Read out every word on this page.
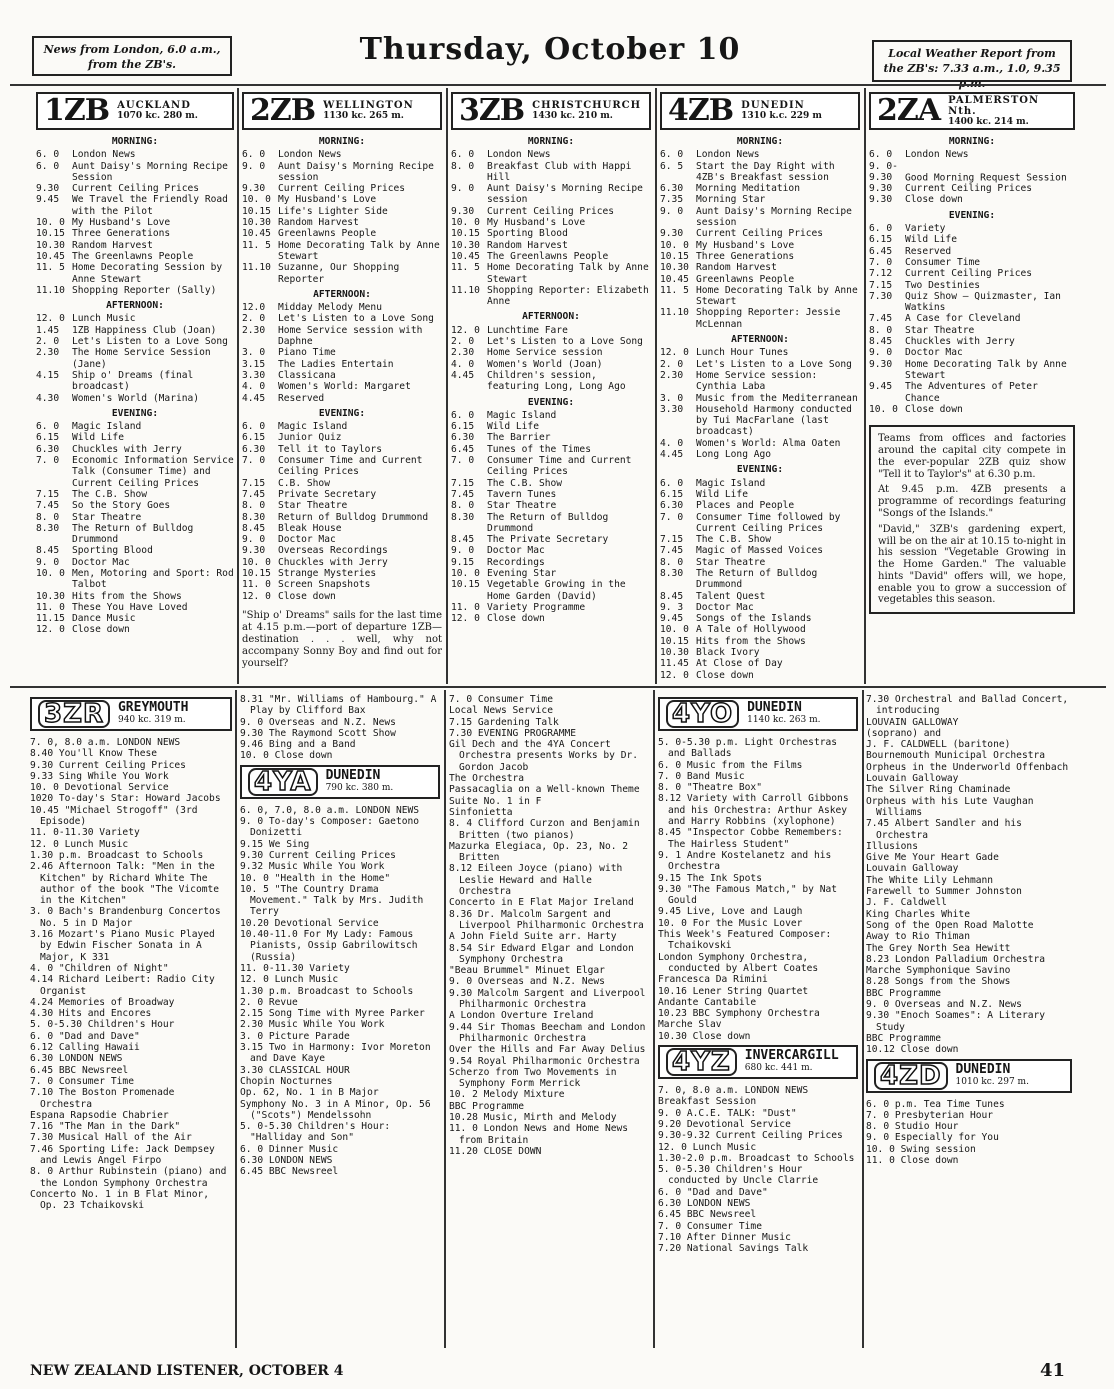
News from London, 6.0 a.m., from the ZB's.	Thursday, October 10	Local Weather Report from the ZB's: 7.33 a.m., 1.0, 9.35
1ZB AUCKLAND
1070 kc. 280 m.
MORNING:
6. 0 London News
6. 0 Aunt Daisy's Morning Recipe Session
9.30 Current Ceiling Prices
9.45 We Travel the Friendly Road with the Pilot
10. 0 My Husband's Love
10.15 Three Generations
10.30 Random Harvest
10.45 The Greenlawns People
11. 5 Home Decorating Session by Anne Stewart
11.10 Shopping Reporter (Sally)
AFTERNOON:
12. 0 Lunch Music
1.45 1ZB Happiness Club (Joan)
2. 0 Let's Listen to a Love Song
2.30 The Home Service Session (Jane)
4.15 Ship o' Dreams (final broadcast)
4.30 Women's World (Marina)
EVENING:
6. 0 Magic Island
6.15 Wild Life
6.30 Chuckles with Jerry
7. 0 Economic Information Service Talk (Consumer Time) and Current Ceiling Prices
7.15 The C.B. Show
7.45 So the Story Goes
8. 0 Star Theatre
8.30 The Return of Bulldog Drummond
8.45 Sporting Blood
9. 0 Doctor Mac
10. 0 Men, Motoring and Sport: Rod Talbot
10.30 Hits from the Shows
11. 0 These You Have Loved
11.15 Dance Music
12. 0 Close down
2ZB WELLINGTON
1130 kc. 265 m.
MORNING:
6. 0 London News
9. 0 Aunt Daisy's Morning Recipe session
9.30 Current Ceiling Prices
10. 0 My Husband's Love
10.15 Life's Lighter Side
10.30 Random Harvest
10.45 Greenlawns People
11. 5 Home Decorating Talk by Anne Stewart
11.10 Suzanne, Our Shopping Reporter
AFTERNOON:
12.0 Midday Melody Menu
2. 0 Let's Listen to a Love Song
2.30 Home Service session with Daphne
3. 0 Piano Time
3.15 The Ladies Entertain
3.30 Classicana
4. 0 Women's World: Margaret
4.45 Reserved
EVENING:
6. 0 Magic Island
6.15 Junior Quiz
6.30 Tell it to Taylors
7. 0 Consumer Time and Current Ceiling Prices
7.15 C.B. Show
7.45 Private Secretary
8. 0 Star Theatre
8.30 Return of Bulldog Drummond
8.45 Bleak House
9. 0 Doctor Mac
9.30 Overseas Recordings
10. 0 Chuckles with Jerry
10.15 Strange Mysteries
11. 0 Screen Snapshots
12. 0 Close down
"Ship o' Dreams" sails for the last time at 4.15 p.m.—port of departure 1ZB—destination . . . well, why not accompany Sonny Boy and find out for yourself?
3ZB CHRISTCHURCH
1430 kc. 210 m.
MORNING:
6. 0 London News
8. 0 Breakfast Club with Happi Hill
9. 0 Aunt Daisy's Morning Recipe session
9.30 Current Ceiling Prices
10. 0 My Husband's Love
10.15 Sporting Blood
10.30 Random Harvest
10.45 The Greenlawns People
11. 5 Home Decorating Talk by Anne Stewart
11.10 Shopping Reporter: Elizabeth Anne
AFTERNOON:
12. 0 Lunchtime Fare
2. 0 Let's Listen to a Love Song
2.30 Home Service session
4. 0 Women's World (Joan)
4.45 Children's session, featuring Long, Long Ago
EVENING:
6. 0 Magic Island
6.15 Wild Life
6.30 The Barrier
6.45 Tunes of the Times
7. 0 Consumer Time and Current Ceiling Prices
7.15 The C.B. Show
7.45 Tavern Tunes
8. 0 Star Theatre
8.30 The Return of Bulldog Drummond
8.45 The Private Secretary
9. 0 Doctor Mac
9.15 Recordings
10. 0 Evening Star
10.15 Vegetable Growing in the Home Garden (David)
11. 0 Variety Programme
12. 0 Close down
4ZB DUNEDIN
1310 k.c. 229 m
MORNING:
6. 0 London News
6. 5 Start the Day Right with 4ZB's Breakfast session
6.30 Morning Meditation
7.35 Morning Star
9. 0 Aunt Daisy's Morning Recipe session
9.30 Current Ceiling Prices
10. 0 My Husband's Love
10.15 Three Generations
10.30 Random Harvest
10.45 Greenlawns People
11. 5 Home Decorating Talk by Anne Stewart
11.10 Shopping Reporter: Jessie McLennan
AFTERNOON:
12. 0 Lunch Hour Tunes
2. 0 Let's Listen to a Love Song
2.30 Home Service session: Cynthia Laba
3. 0 Music from the Mediterranean
3.30 Household Harmony conducted by Tui MacFarlane (last broadcast)
4. 0 Women's World: Alma Oaten
4.45 Long Long Ago
EVENING:
6. 0 Magic Island
6.15 Wild Life
6.30 Places and People
7. 0 Consumer Time followed by Current Ceiling Prices
7.15 The C.B. Show
7.45 Magic of Massed Voices
8. 0 Star Theatre
8.30 The Return of Bulldog Drummond
8.45 Talent Quest
9. 3 Doctor Mac
9.45 Songs of the Islands
10. 0 A Tale of Hollywood
10.15 Hits from the Shows
10.30 Black Ivory
11.45 At Close of Day
12. 0 Close down
2ZA PALMERSTON Nth.
1400 kc. 214 m.
MORNING:
6. 0 London News
9. 0-9.30 Good Morning Request Session
9.30 Current Ceiling Prices
9.30 Close down
EVENING:
6. 0 Variety
6.15 Wild Life
6.45 Reserved
7. 0 Consumer Time
7.12 Current Ceiling Prices
7.15 Two Destinies
7.30 Quiz Show — Quizmaster, Ian Watkins
7.45 A Case for Cleveland
8. 0 Star Theatre
8.45 Chuckles with Jerry
9. 0 Doctor Mac
9.30 Home Decorating Talk by Anne Stewart
9.45 The Adventures of Peter Chance
10. 0 Close down
Teams from offices and factories around the capital city compete in the ever-popular 2ZB quiz show "Tell it to Taylor's" at 6.30 p.m.
At 9.45 p.m. 4ZB presents a programme of recordings featuring "Songs of the Islands."
"David," 3ZB's gardening expert, will be on the air at 10.15 to-night in his session "Vegetable Growing in the Home Garden." The valuable hints "David" offers will, we hope, enable you to grow a succession of vegetables this season.
3ZR	GREYMOUTH
940 kc. 319 m.
7. 0, 8.0 a.m. LONDON NEWS
8.40 You'll Know These
9.30 Current Ceiling Prices
9.33 Sing While You Work
10. 0 Devotional Service
1020 To-day's Star: Howard Jacobs
10.45 "Michael Strogoff" (3rd Episode)
11. 0-11.30 Variety
12. 0 Lunch Music
1.30 p.m. Broadcast to Schools
2.46 Afternoon Talk: "Men in the Kitchen" by Richard White The author of the book "The Vicomte in the Kitchen"
3. 0 Bach's Brandenburg Concertos No. 5 in D Major
3.16 Mozart's Piano Music Played by Edwin Fischer Sonata in A Major, K 331
4. 0 "Children of Night"
4.14 Richard Leibert: Radio City Organist
4.24 Memories of Broadway
4.30 Hits and Encores
5. 0-5.30 Children's Hour
6. 0 "Dad and Dave"
6.12 Calling Hawaii
6.30 LONDON NEWS
6.45 BBC Newsreel
7. 0 Consumer Time
7.10 The Boston Promenade Orchestra
Espana Rapsodie Chabrier
7.16 "The Man in the Dark"
7.30 Musical Hall of the Air
7.46 Sporting Life: Jack Dempsey and Lewis Angel Firpo
8. 0 Arthur Rubinstein (piano) and the London Symphony Orchestra
Concerto No. 1 in B Flat Minor, Op. 23 Tchaikovski
8.31 "Mr. Williams of Hambourg." A Play by Clifford Bax
9. 0 Overseas and N.Z. News
9.30 The Raymond Scott Show
9.46 Bing and a Band
10. 0 Close down
4YA	DUNEDIN
790 kc. 380 m.
6. 0, 7.0, 8.0 a.m. LONDON NEWS
9. 0 To-day's Composer: Gaetono Donizetti
9.15 We Sing
9.30 Current Ceiling Prices
9.32 Music While You Work
10. 0 "Health in the Home"
10. 5 "The Country Drama Movement." Talk by Mrs. Judith Terry
10.20 Devotional Service
10.40-11.0 For My Lady: Famous Pianists, Ossip Gabrilowitsch (Russia)
11. 0-11.30 Variety
12. 0 Lunch Music
1.30 p.m. Broadcast to Schools
2. 0 Revue
2.15 Song Time with Myree Parker
2.30 Music While You Work
3. 0 Picture Parade
3.15 Two in Harmony: Ivor Moreton and Dave Kaye
3.30 CLASSICAL HOUR
Chopin Nocturnes
Op. 62, No. 1 in B Major
Symphony No. 3 in A Minor, Op. 56 ("Scots") Mendelssohn
5. 0-5.30 Children's Hour: "Halliday and Son"
6. 0 Dinner Music
6.30 LONDON NEWS
6.45 BBC Newsreel
7. 0 Consumer Time
Local News Service
7.15 Gardening Talk
7.30 EVENING PROGRAMME
Gil Dech and the 4YA Concert Orchestra presents Works by Dr. Gordon Jacob
The Orchestra
Passacaglia on a Well-known Theme
Suite No. 1 in F
Sinfonietta
8. 4 Clifford Curzon and Benjamin Britten (two pianos)
Mazurka Elegiaca, Op. 23, No. 2 Britten
8.12 Eileen Joyce (piano) with Leslie Heward and Halle Orchestra
Concerto in E Flat Major Ireland
8.36 Dr. Malcolm Sargent and Liverpool Philharmonic Orchestra
A John Field Suite arr. Harty
8.54 Sir Edward Elgar and London Symphony Orchestra
"Beau Brummel" Minuet Elgar
9. 0 Overseas and N.Z. News
9.30 Malcolm Sargent and Liverpool Philharmonic Orchestra
A London Overture Ireland
9.44 Sir Thomas Beecham and London Philharmonic Orchestra
Over the Hills and Far Away Delius
9.54 Royal Philharmonic Orchestra
Scherzo from Two Movements in Symphony Form Merrick
10. 2 Melody Mixture
BBC Programme
10.28 Music, Mirth and Melody
11. 0 London News and Home News from Britain
11.20 CLOSE DOWN
4YO	DUNEDIN
1140 kc. 263 m.
5. 0-5.30 p.m. Light Orchestras and Ballads
6. 0 Music from the Films
7. 0 Band Music
8. 0 "Theatre Box"
8.12 Variety with Carroll Gibbons and his Orchestra: Arthur Askey and Harry Robbins (xylophone)
8.45 "Inspector Cobbe Remembers: The Hairless Student"
9. 1 Andre Kostelanetz and his Orchestra
9.15 The Ink Spots
9.30 "The Famous Match," by Nat Gould
9.45 Live, Love and Laugh
10. 0 For the Music Lover
This Week's Featured Composer: Tchaikovski
London Symphony Orchestra, conducted by Albert Coates
Francesca Da Rimini
10.16 Lener String Quartet
Andante Cantabile
10.23 BBC Symphony Orchestra
Marche Slav
10.30 Close down
4YZ	INVERCARGILL
680 kc. 441 m.
7. 0, 8.0 a.m. LONDON NEWS
Breakfast Session
9. 0 A.C.E. TALK: "Dust"
9.20 Devotional Service
9.30-9.32 Current Ceiling Prices
12. 0 Lunch Music
1.30-2.0 p.m. Broadcast to Schools
5. 0-5.30 Children's Hour conducted by Uncle Clarrie
6. 0 "Dad and Dave"
6.30 LONDON NEWS
6.45 BBC Newsreel
7. 0 Consumer Time
7.10 After Dinner Music
7.20 National Savings Talk
7.30 Orchestral and Ballad Concert, introducing
LOUVAIN GALLOWAY
(soprano) and
J. F. CALDWELL (baritone)
Bournemouth Municipal Orchestra
Orpheus in the Underworld Offenbach
Louvain Galloway
The Silver Ring Chaminade
Orpheus with his Lute Vaughan Williams
7.45 Albert Sandler and his Orchestra
Illusions
Give Me Your Heart Gade
Louvain Galloway
The White Lily Lehmann
Farewell to Summer Johnston
J. F. Caldwell
King Charles White
Song of the Open Road Malotte
Away to Rio Thiman
The Grey North Sea Hewitt
8.23 London Palladium Orchestra
Marche Symphonique Savino
8.28 Songs from the Shows
BBC Programme
9. 0 Overseas and N.Z. News
9.30 "Enoch Soames": A Literary Study
BBC Programme
10.12 Close down
4ZD	DUNEDIN
1010 kc. 297 m.
6. 0 p.m. Tea Time Tunes
7. 0 Presbyterian Hour
8. 0 Studio Hour
9. 0 Especially for You
10. 0 Swing session
11. 0 Close down
NEW ZEALAND LISTENER, OCTOBER 4	41
